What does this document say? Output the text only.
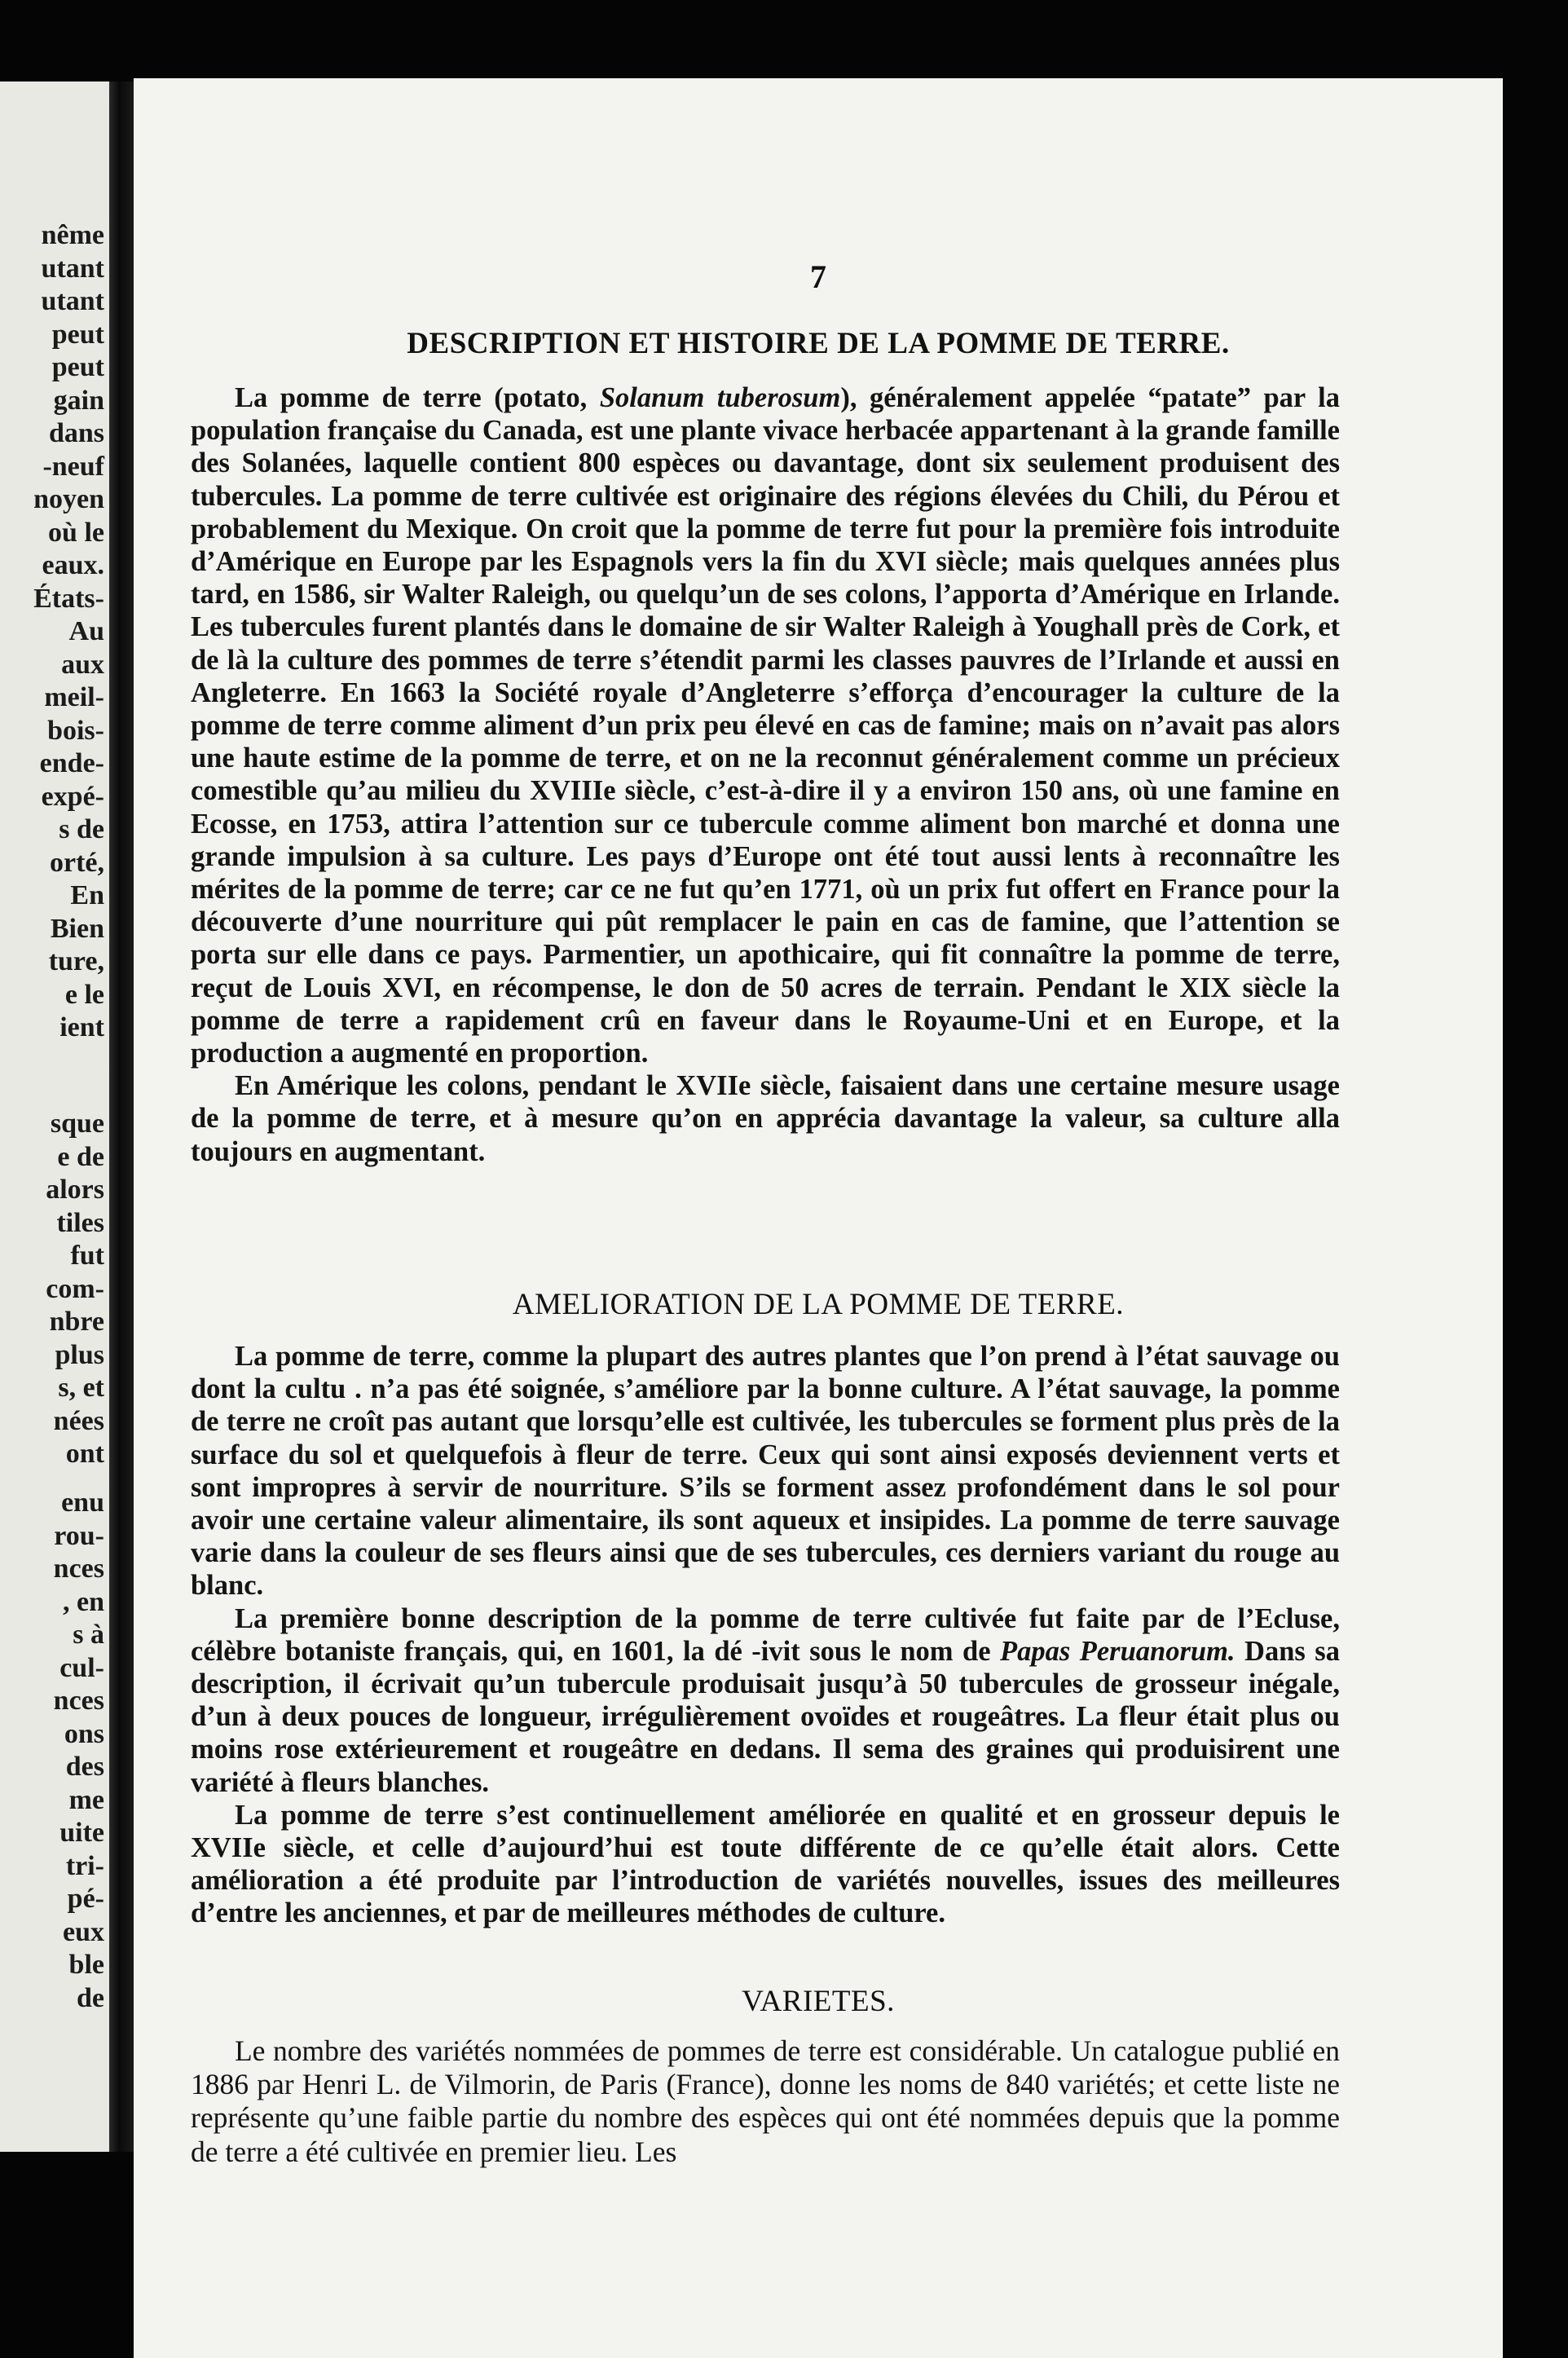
nême
utant
utant
peut
peut
gain
dans
-neuf
noyen
où le
eaux.
États-
Au
aux
meil-
bois-
ende-
expé-
s de
orté,
En
Bien
ture,
e le
ient
sque
e de
alors
tiles
fut
com-
nbre
plus
s, et
nées
ont
enu
rou-
nces
, en
s à
cul-
nces
ons
des
me
uite
tri-
pé-
eux
ble
de
7
DESCRIPTION ET HISTOIRE DE LA POMME DE TERRE.

La pomme de terre (potato, Solanum tuberosum), généralement appelée “patate” par la population française du Canada, est une plante vivace herbacée appartenant à la grande famille des Solanées, laquelle contient 800 espèces ou davantage, dont six seulement produisent des tubercules. La pomme de terre cultivée est originaire des régions élevées du Chili, du Pérou et probablement du Mexique. On croit que la pomme de terre fut pour la première fois introduite d’Amérique en Europe par les Espagnols vers la fin du XVI siècle; mais quelques années plus tard, en 1586, sir Walter Raleigh, ou quelqu’un de ses colons, l’apporta d’Amérique en Irlande. Les tubercules furent plantés dans le domaine de sir Walter Raleigh à Youghall près de Cork, et de là la culture des pommes de terre s’étendit parmi les classes pauvres de l’Irlande et aussi en Angleterre. En 1663 la Société royale d’Angleterre s’efforça d’encourager la culture de la pomme de terre comme aliment d’un prix peu élevé en cas de famine; mais on n’avait pas alors une haute estime de la pomme de terre, et on ne la reconnut généralement comme un précieux comestible qu’au milieu du XVIIIe siècle, c’est-à-dire il y a environ 150 ans, où une famine en Ecosse, en 1753, attira l’attention sur ce tubercule comme aliment bon marché et donna une grande impulsion à sa culture. Les pays d’Europe ont été tout aussi lents à reconnaître les mérites de la pomme de terre; car ce ne fut qu’en 1771, où un prix fut offert en France pour la découverte d’une nourriture qui pût remplacer le pain en cas de famine, que l’attention se porta sur elle dans ce pays. Parmentier, un apothicaire, qui fit connaître la pomme de terre, reçut de Louis XVI, en récompense, le don de 50 acres de terrain. Pendant le XIX siècle la pomme de terre a rapidement crû en faveur dans le Royaume-Uni et en Europe, et la production a augmenté en proportion.

En Amérique les colons, pendant le XVIIe siècle, faisaient dans une certaine mesure usage de la pomme de terre, et à mesure qu’on en apprécia davantage la valeur, sa culture alla toujours en augmentant.

AMELIORATION DE LA POMME DE TERRE.

La pomme de terre, comme la plupart des autres plantes que l’on prend à l’état sauvage ou dont la cultu . n’a pas été soignée, s’améliore par la bonne culture. A l’état sauvage, la pomme de terre ne croît pas autant que lorsqu’elle est cultivée, les tubercules se forment plus près de la surface du sol et quelquefois à fleur de terre. Ceux qui sont ainsi exposés deviennent verts et sont impropres à servir de nourriture. S’ils se forment assez profondément dans le sol pour avoir une certaine valeur alimentaire, ils sont aqueux et insipides. La pomme de terre sauvage varie dans la couleur de ses fleurs ainsi que de ses tubercules, ces derniers variant du rouge au blanc.

La première bonne description de la pomme de terre cultivée fut faite par de l’Ecluse, célèbre botaniste français, qui, en 1601, la dé -ivit sous le nom de Papas Peruanorum. Dans sa description, il écrivait qu’un tubercule produisait jusqu’à 50 tubercules de grosseur inégale, d’un à deux pouces de longueur, irrégulièrement ovoïdes et rougeâtres. La fleur était plus ou moins rose extérieurement et rougeâtre en dedans. Il sema des graines qui produisirent une variété à fleurs blanches.

La pomme de terre s’est continuellement améliorée en qualité et en grosseur depuis le XVIIe siècle, et celle d’aujourd’hui est toute différente de ce qu’elle était alors. Cette amélioration a été produite par l’introduction de variétés nouvelles, issues des meilleures d’entre les anciennes, et par de meilleures méthodes de culture.

VARIETES.

Le nombre des variétés nommées de pommes de terre est considérable. Un catalogue publié en 1886 par Henri L. de Vilmorin, de Paris (France), donne les noms de 840 variétés; et cette liste ne représente qu’une faible partie du nombre des espèces qui ont été nommées depuis que la pomme de terre a été cultivée en premier lieu. Les
